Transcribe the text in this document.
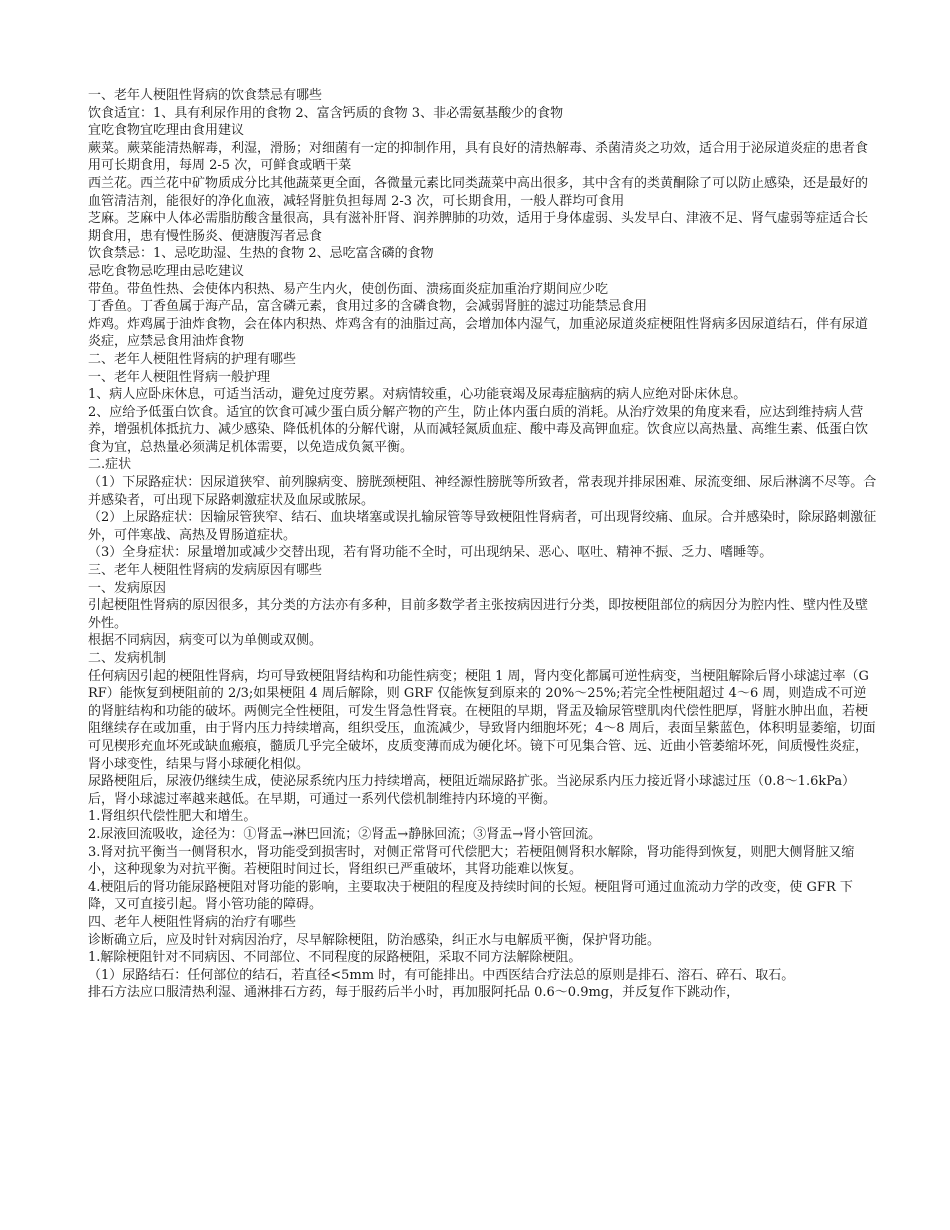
一、老年人梗阻性肾病的饮食禁忌有哪些

饮食适宜：1、具有利尿作用的食物 2、富含钙质的食物 3、非必需氨基酸少的食物

宜吃食物宜吃理由食用建议

蕨菜。蕨菜能清热解毒，利湿，滑肠；对细菌有一定的抑制作用，具有良好的清热解毒、杀菌清炎之功效，适合用于泌尿道炎症的患者食用可长期食用，每周 2-5 次，可鲜食或晒干菜

西兰花。西兰花中矿物质成分比其他蔬菜更全面，各微量元素比同类蔬菜中高出很多，其中含有的类黄酮除了可以防止感染，还是最好的血管清洁剂，能很好的净化血液，减轻肾脏负担每周 2-3 次，可长期食用，一般人群均可食用

芝麻。芝麻中人体必需脂肪酸含量很高，具有滋补肝肾、润养脾肺的功效，适用于身体虚弱、头发早白、津液不足、肾气虚弱等症适合长期食用，患有慢性肠炎、便溏腹泻者忌食

饮食禁忌：1、忌吃助湿、生热的食物 2、忌吃富含磷的食物

忌吃食物忌吃理由忌吃建议

带鱼。带鱼性热、会使体内积热、易产生内火，使创伤面、溃疡面炎症加重治疗期间应少吃

丁香鱼。丁香鱼属于海产品，富含磷元素，食用过多的含磷食物，会减弱肾脏的滤过功能禁忌食用

炸鸡。炸鸡属于油炸食物，会在体内积热、炸鸡含有的油脂过高，会增加体内湿气，加重泌尿道炎症梗阻性肾病多因尿道结石，伴有尿道炎症，应禁忌食用油炸食物

二、老年人梗阻性肾病的护理有哪些

一、老年人梗阻性肾病一般护理

1、病人应卧床休息，可适当活动，避免过度劳累。对病情较重，心功能衰竭及尿毒症脑病的病人应绝对卧床休息。

2、应给予低蛋白饮食。适宜的饮食可减少蛋白质分解产物的产生，防止体内蛋白质的消耗。从治疗效果的角度来看，应达到维持病人营养，增强机体抵抗力、减少感染、降低机体的分解代谢，从而减轻氮质血症、酸中毒及高钾血症。饮食应以高热量、高维生素、低蛋白饮食为宜，总热量必须满足机体需要，以免造成负氮平衡。

二.症状

（1）下尿路症状：因尿道狭窄、前列腺病变、膀胱颈梗阻、神经源性膀胱等所致者，常表现并排尿困难、尿流变细、尿后淋漓不尽等。合并感染者，可出现下尿路刺激症状及血尿或脓尿。

（2）上尿路症状：因输尿管狭窄、结石、血块堵塞或误扎输尿管等导致梗阻性肾病者，可出现肾绞痛、血尿。合并感染时，除尿路刺激征外，可伴寒战、高热及胃肠道症状。

（3）全身症状：尿量增加或减少交替出现，若有肾功能不全时，可出现纳呆、恶心、呕吐、精神不振、乏力、嗜睡等。

三、老年人梗阻性肾病的发病原因有哪些

一、发病原因

引起梗阻性肾病的原因很多，其分类的方法亦有多种，目前多数学者主张按病因进行分类，即按梗阻部位的病因分为腔内性、壁内性及壁外性。

根据不同病因，病变可以为单侧或双侧。

二、发病机制

任何病因引起的梗阻性肾病，均可导致梗阻肾结构和功能性病变；梗阻 1 周，肾内变化都属可逆性病变，当梗阻解除后肾小球滤过率（GRF）能恢复到梗阻前的 2/3;如果梗阻 4 周后解除，则 GRF 仅能恢复到原来的 20%～25%;若完全性梗阻超过 4～6 周，则造成不可逆的肾脏结构和功能的破坏。两侧完全性梗阻，可发生肾急性肾衰。在梗阻的早期，肾盂及输尿管壁肌肉代偿性肥厚，肾脏水肿出血，若梗阻继续存在或加重，由于肾内压力持续增高，组织受压，血流减少，导致肾内细胞坏死；4～8 周后，表面呈紫蓝色，体积明显萎缩，切面可见楔形充血坏死或缺血瘢痕，髓质几乎完全破坏，皮质变薄而成为硬化坏。镜下可见集合管、远、近曲小管萎缩坏死，间质慢性炎症，肾小球变性，结果与肾小球硬化相似。

尿路梗阻后，尿液仍继续生成，使泌尿系统内压力持续增高，梗阻近端尿路扩张。当泌尿系内压力接近肾小球滤过压（0.8～1.6kPa）后，肾小球滤过率越来越低。在早期，可通过一系列代偿机制维持内环境的平衡。

1.肾组织代偿性肥大和增生。

2.尿液回流吸收，途径为：①肾盂→淋巴回流；②肾盂→静脉回流；③肾盂→肾小管回流。

3.肾对抗平衡当一侧肾积水，肾功能受到损害时，对侧正常肾可代偿肥大；若梗阻侧肾积水解除，肾功能得到恢复，则肥大侧肾脏又缩小，这种现象为对抗平衡。若梗阻时间过长，肾组织已严重破坏，其肾功能难以恢复。

4.梗阻后的肾功能尿路梗阻对肾功能的影响，主要取决于梗阻的程度及持续时间的长短。梗阻肾可通过血流动力学的改变，使 GFR 下降，又可直接引起。肾小管功能的障碍。

四、老年人梗阻性肾病的治疗有哪些

诊断确立后，应及时针对病因治疗，尽早解除梗阻，防治感染，纠正水与电解质平衡，保护肾功能。

1.解除梗阻针对不同病因、不同部位、不同程度的尿路梗阻，采取不同方法解除梗阻。

（1）尿路结石：任何部位的结石，若直径<5mm 时，有可能排出。中西医结合疗法总的原则是排石、溶石、碎石、取石。

排石方法应口服清热利湿、通淋排石方药，每于服药后半小时，再加服阿托品 0.6～0.9mg，并反复作下跳动作，
